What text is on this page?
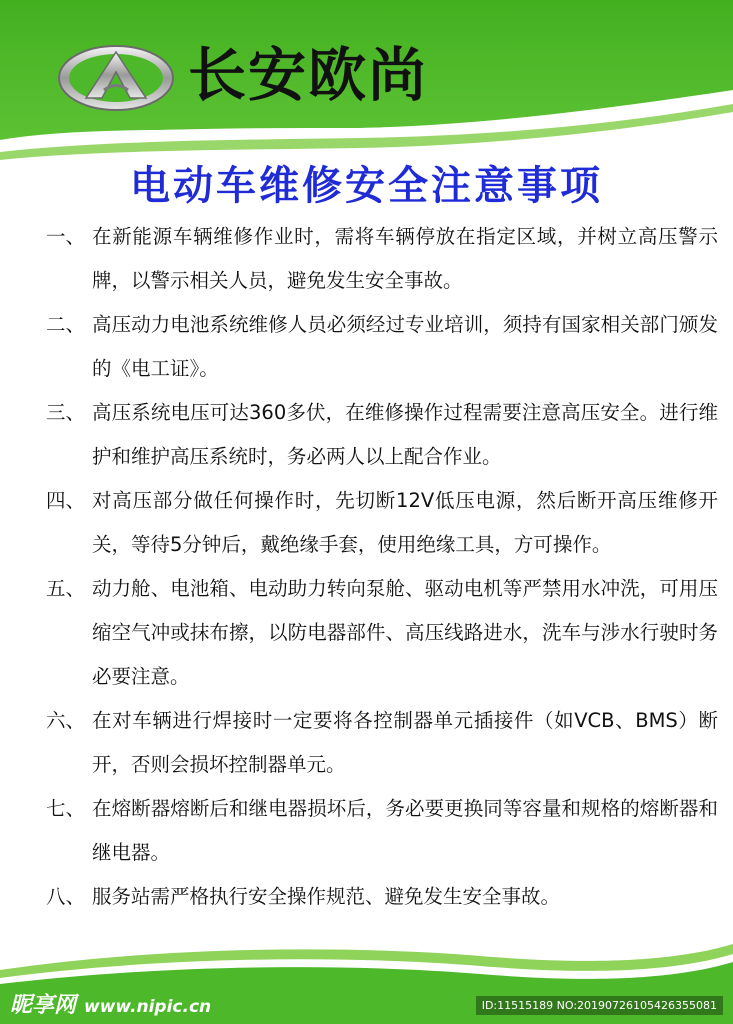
长安欧尚
电动车维修安全注意事项
一、 在新能源车辆维修作业时，需将车辆停放在指定区域，并树立高压警示牌，以警示相关人员，避免发生安全事故。
二、 高压动力电池系统维修人员必须经过专业培训，须持有国家相关部门颁发的《电工证》。
三、 高压系统电压可达360多伏，在维修操作过程需要注意高压安全。进行维护和维护高压系统时，务必两人以上配合作业。
四、 对高压部分做任何操作时，先切断12V低压电源，然后断开高压维修开关，等待5分钟后，戴绝缘手套，使用绝缘工具，方可操作。
五、 动力舱、电池箱、电动助力转向泵舱、驱动电机等严禁用水冲洗，可用压缩空气冲或抹布擦，以防电器部件、高压线路进水，洗车与涉水行驶时务必要注意。
六、 在对车辆进行焊接时一定要将各控制器单元插接件（如VCB、BMS）断开，否则会损坏控制器单元。
七、 在熔断器熔断后和继电器损坏后，务必要更换同等容量和规格的熔断器和继电器。
八、 服务站需严格执行安全操作规范、避免发生安全事故。
昵享网 www.nipic.cn	ID:11515189 NO:20190726105426355081
